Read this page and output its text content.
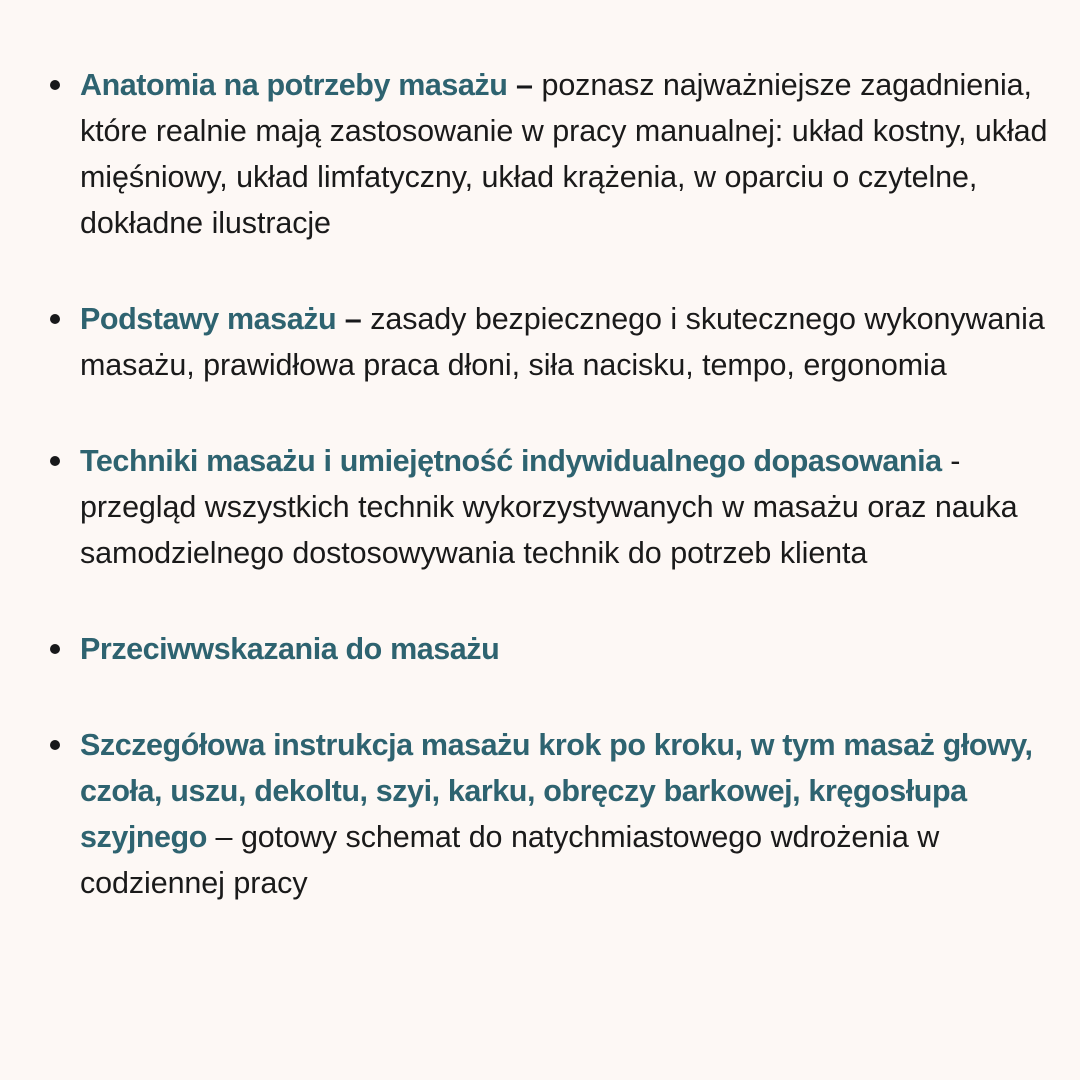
Anatomia na potrzeby masażu – poznasz najważniejsze zagadnienia, które realnie mają zastosowanie w pracy manualnej: układ kostny, układ mięśniowy, układ limfatyczny, układ krążenia, w oparciu o czytelne, dokładne ilustracje
Podstawy masażu – zasady bezpiecznego i skutecznego wykonywania masażu, prawidłowa praca dłoni, siła nacisku, tempo, ergonomia
Techniki masażu i umiejętność indywidualnego dopasowania - przegląd wszystkich technik wykorzystywanych w masażu oraz nauka samodzielnego dostosowywania technik do potrzeb klienta
Przeciwwskazania do masażu
Szczegółowa instrukcja masażu krok po kroku, w tym masaż głowy, czoła, uszu, dekoltu, szyi, karku, obręczy barkowej, kręgosłupa szyjnego – gotowy schemat do natychmiastowego wdrożenia w codziennej pracy
